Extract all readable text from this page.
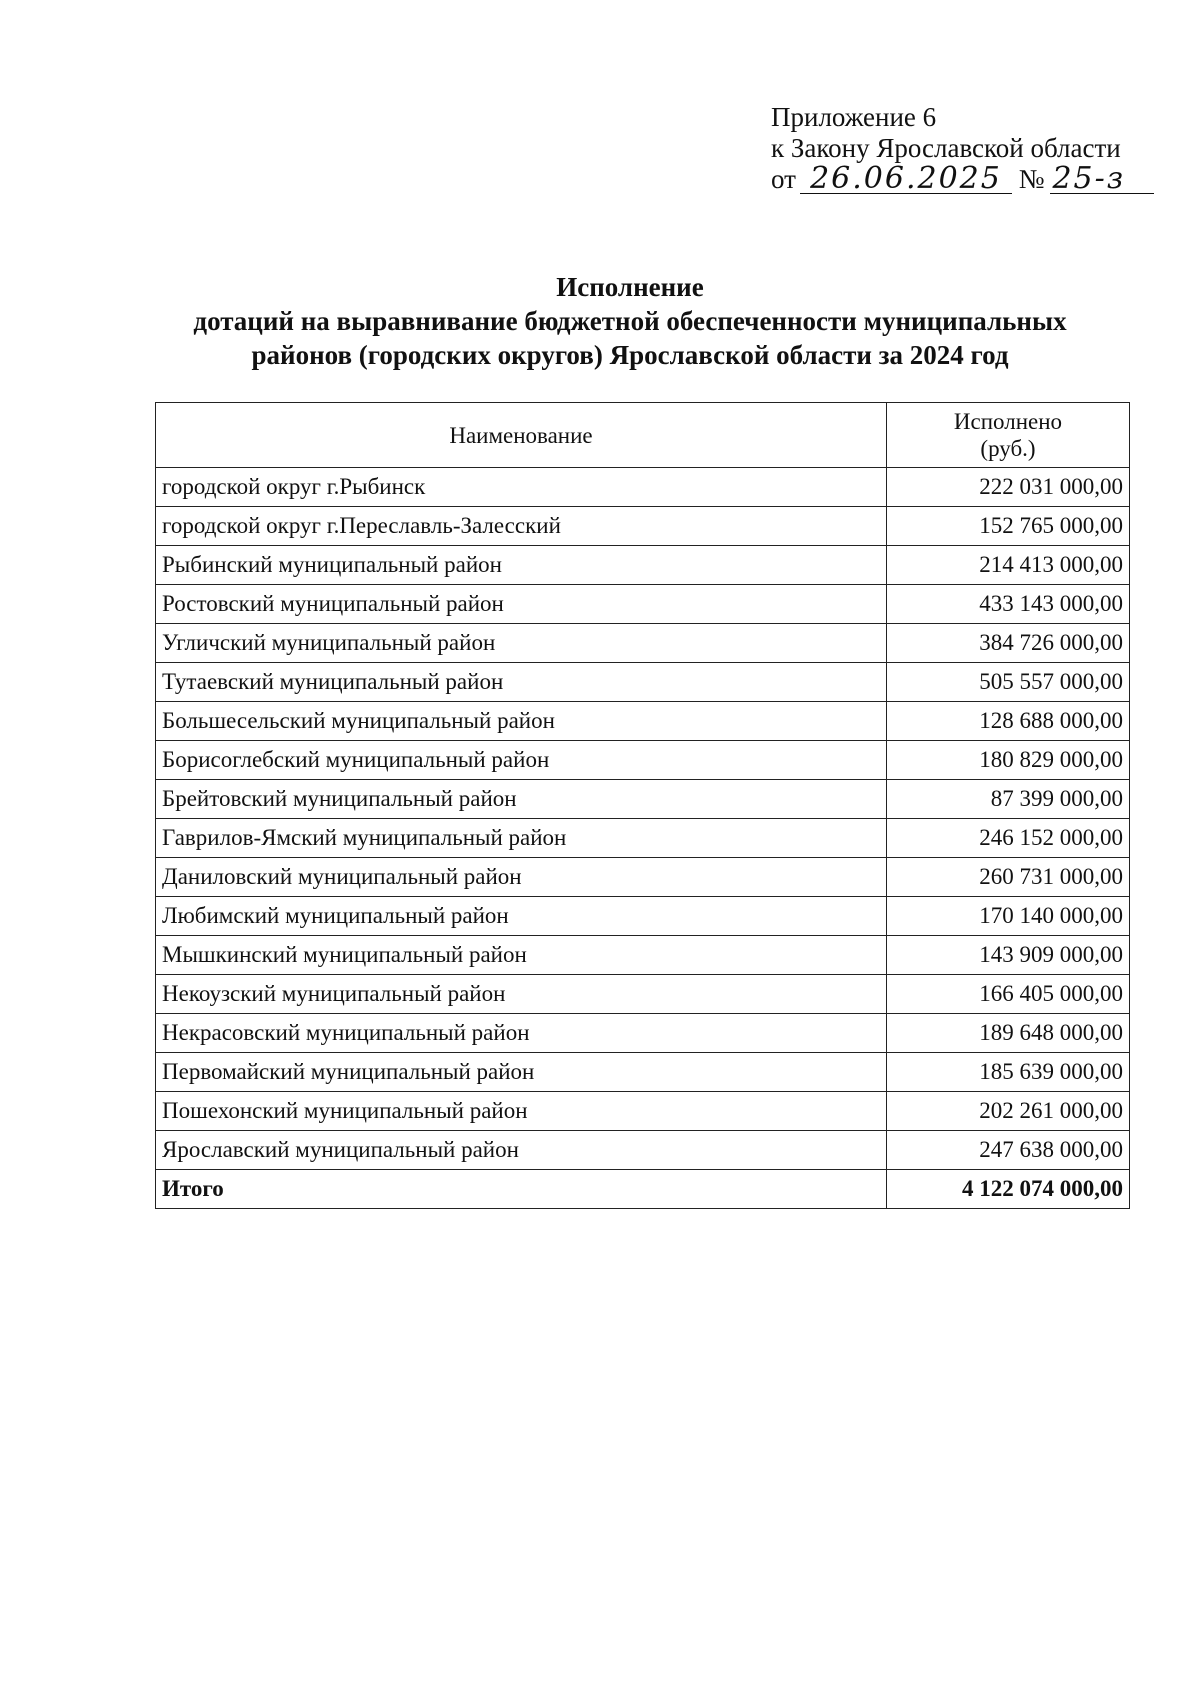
Приложение 6
к Закону Ярославской области
от 26.06.2025 № 25-з
Исполнение
дотаций на выравнивание бюджетной обеспеченности муниципальных
районов (городских округов) Ярославской области за 2024 год
Наименование	Исполнено
(руб.)
городской округ г.Рыбинск	222 031 000,00
городской округ г.Переславль-Залесский	152 765 000,00
Рыбинский муниципальный район	214 413 000,00
Ростовский муниципальный район	433 143 000,00
Угличский муниципальный район	384 726 000,00
Тутаевский муниципальный район	505 557 000,00
Большесельский муниципальный район	128 688 000,00
Борисоглебский муниципальный район	180 829 000,00
Брейтовский муниципальный район	87 399 000,00
Гаврилов-Ямский муниципальный район	246 152 000,00
Даниловский муниципальный район	260 731 000,00
Любимский муниципальный район	170 140 000,00
Мышкинский муниципальный район	143 909 000,00
Некоузский муниципальный район	166 405 000,00
Некрасовский муниципальный район	189 648 000,00
Первомайский муниципальный район	185 639 000,00
Пошехонский муниципальный район	202 261 000,00
Ярославский муниципальный район	247 638 000,00
Итого	4 122 074 000,00
